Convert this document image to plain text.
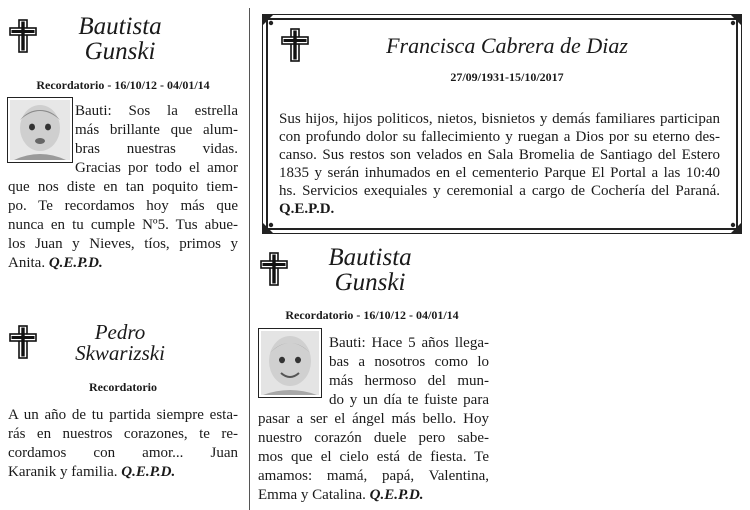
Bautista
Gunski
Recordatorio - 16/10/12 - 04/01/14
Bauti: Sos la estrella
más brillante que alum-
bras nuestras vidas.
Gracias por todo el amor
que nos diste en tan poquito tiem-
po. Te recordamos hoy más que
nunca en tu cumple Nº5. Tus abue-
los Juan y Nieves, tíos, primos y
Anita. Q.E.P.D.
Pedro
Skwarizski
Recordatorio
A un año de tu partida siempre esta-
rás en nuestros corazones, te re-
cordamos con amor... Juan
Karanik y familia. Q.E.P.D.
Francisca Cabrera de Diaz
27/09/1931-15/10/2017
Sus hijos, hijos politicos, nietos, bisnietos y demás familiares participan
con profundo dolor su fallecimiento y ruegan a Dios por su eterno des-
canso. Sus restos son velados en Sala Bromelia de Santiago del Estero
1835 y serán inhumados en el cementerio Parque El Portal a las 10:40
hs. Servicios exequiales y ceremonial a cargo de Cochería del Paraná.
Q.E.P.D.
Bautista
Gunski
Recordatorio - 16/10/12 - 04/01/14
Bauti: Hace 5 años llega-
bas a nosotros como lo
más hermoso del mun-
do y un día te fuiste para
pasar a ser el ángel más bello. Hoy
nuestro corazón duele pero sabe-
mos que el cielo está de fiesta. Te
amamos: mamá, papá, Valentina,
Emma y Catalina. Q.E.P.D.
